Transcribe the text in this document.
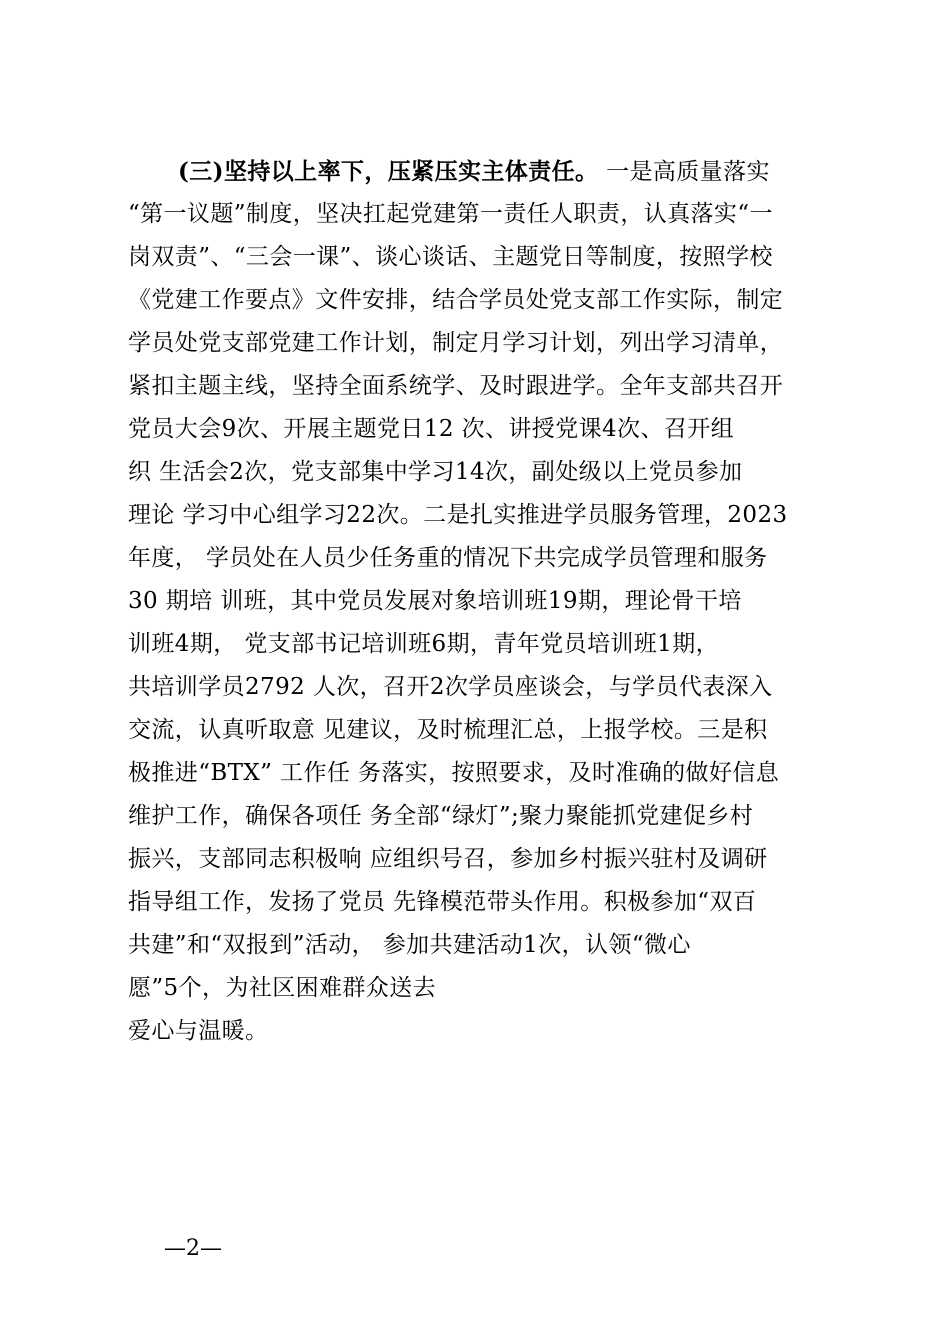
(三)坚持以上率下，压紧压实主体责任。 一是高质量落实
“第一议题”制度，坚决扛起党建第一责任人职责，认真落实“一
岗双责”、“三会一课”、谈心谈话、主题党日等制度，按照学校
《党建工作要点》文件安排，结合学员处党支部工作实际，制定
学员处党支部党建工作计划，制定月学习计划，列出学习清单，
紧扣主题主线，坚持全面系统学、及时跟进学。全年支部共召开
党员大会9次、开展主题党日12 次、讲授党课4次、召开组
织 生活会2次，党支部集中学习14次，副处级以上党员参加
理论 学习中心组学习22次。二是扎实推进学员服务管理，2023
年度， 学员处在人员少任务重的情况下共完成学员管理和服务
30 期培 训班，其中党员发展对象培训班19期，理论骨干培
训班4期， 党支部书记培训班6期，青年党员培训班1期，
共培训学员2792 人次，召开2次学员座谈会，与学员代表深入
交流，认真听取意 见建议，及时梳理汇总，上报学校。三是积
极推进“BTX” 工作任 务落实，按照要求，及时准确的做好信息
维护工作，确保各项任 务全部“绿灯”;聚力聚能抓党建促乡村
振兴，支部同志积极响 应组织号召，参加乡村振兴驻村及调研
指导组工作，发扬了党员 先锋模范带头作用。积极参加“双百
共建”和“双报到”活动， 参加共建活动1次，认领“微心
愿”5个，为社区困难群众送去
爱心与温暖。
—2—
